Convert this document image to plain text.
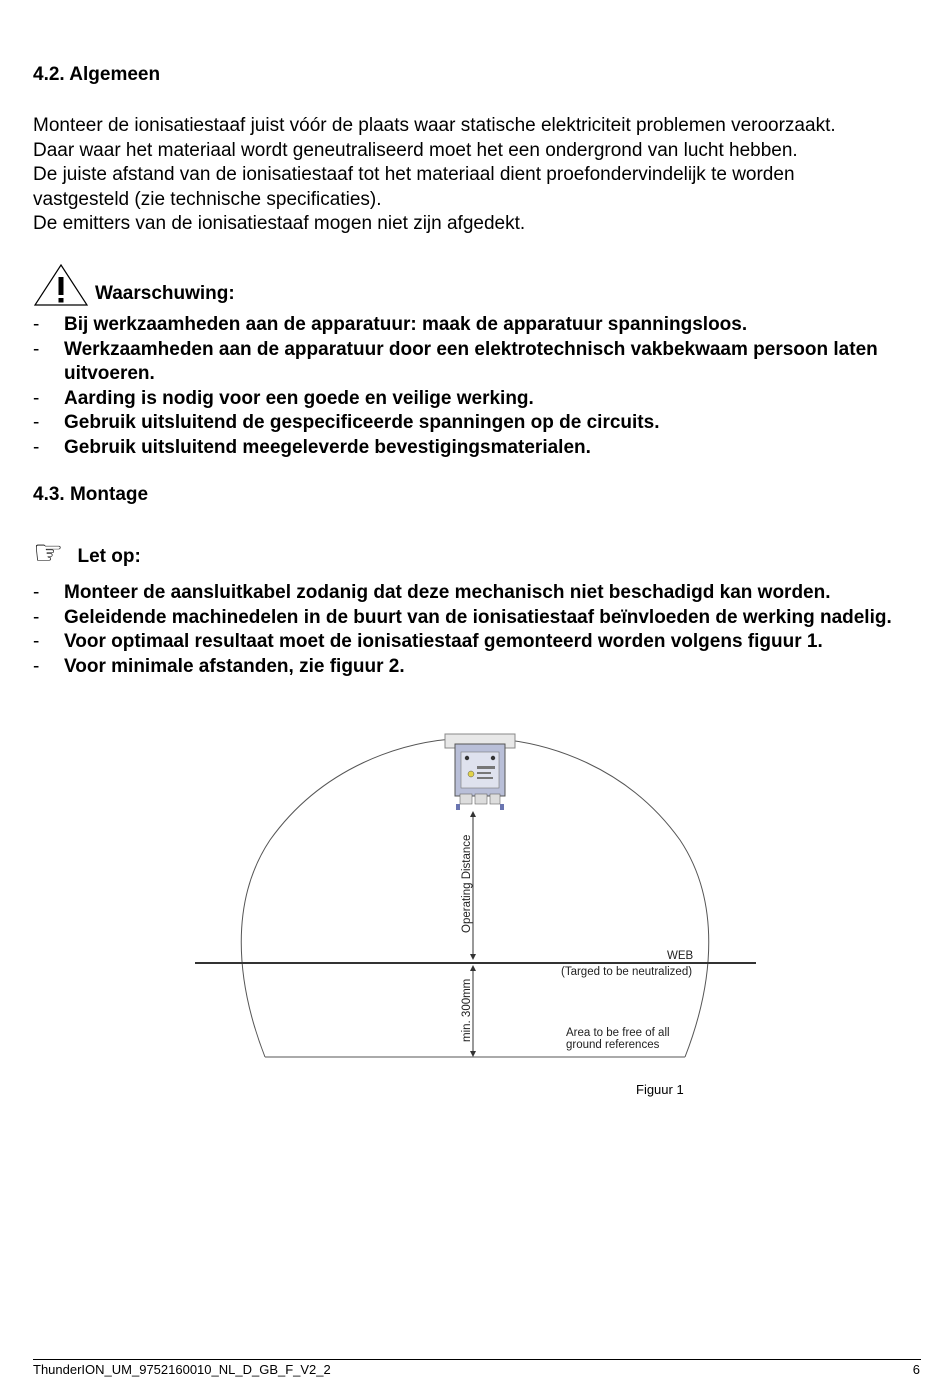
4.2. Algemeen

Monteer de ionisatiestaaf juist vóór de plaats waar statische elektriciteit problemen veroorzaakt.

Daar waar het materiaal wordt geneutraliseerd moet het een ondergrond van lucht hebben.

De juiste afstand van de ionisatiestaaf tot het materiaal dient proefondervindelijk te worden

vastgesteld (zie technische specificaties).

De emitters van de ionisatiestaaf mogen niet zijn afgedekt.

Waarschuwing:
- Bij werkzaamheden aan de apparatuur: maak de apparatuur spanningsloos.
- Werkzaamheden aan de apparatuur door een elektrotechnisch vakbekwaam persoon laten uitvoeren.
- Aarding is nodig voor een goede en veilige werking.
- Gebruik uitsluitend de gespecificeerde spanningen op de circuits.
- Gebruik uitsluitend meegeleverde bevestigingsmaterialen.
4.3. Montage
☞ Let op:
- Monteer de aansluitkabel zodanig dat deze mechanisch niet beschadigd kan worden.
- Geleidende machinedelen in de buurt van de ionisatiestaaf beïnvloeden de werking nadelig.
- Voor optimaal resultaat moet de ionisatiestaaf gemonteerd worden volgens figuur 1.
- Voor minimale afstanden, zie figuur 2.
Operating Distance
min. 300mm
WEB
(Targed to be neutralized)
Area to be free of all
ground references
Figuur 1
ThunderION_UM_9752160010_NL_D_GB_F_V2_2	6
